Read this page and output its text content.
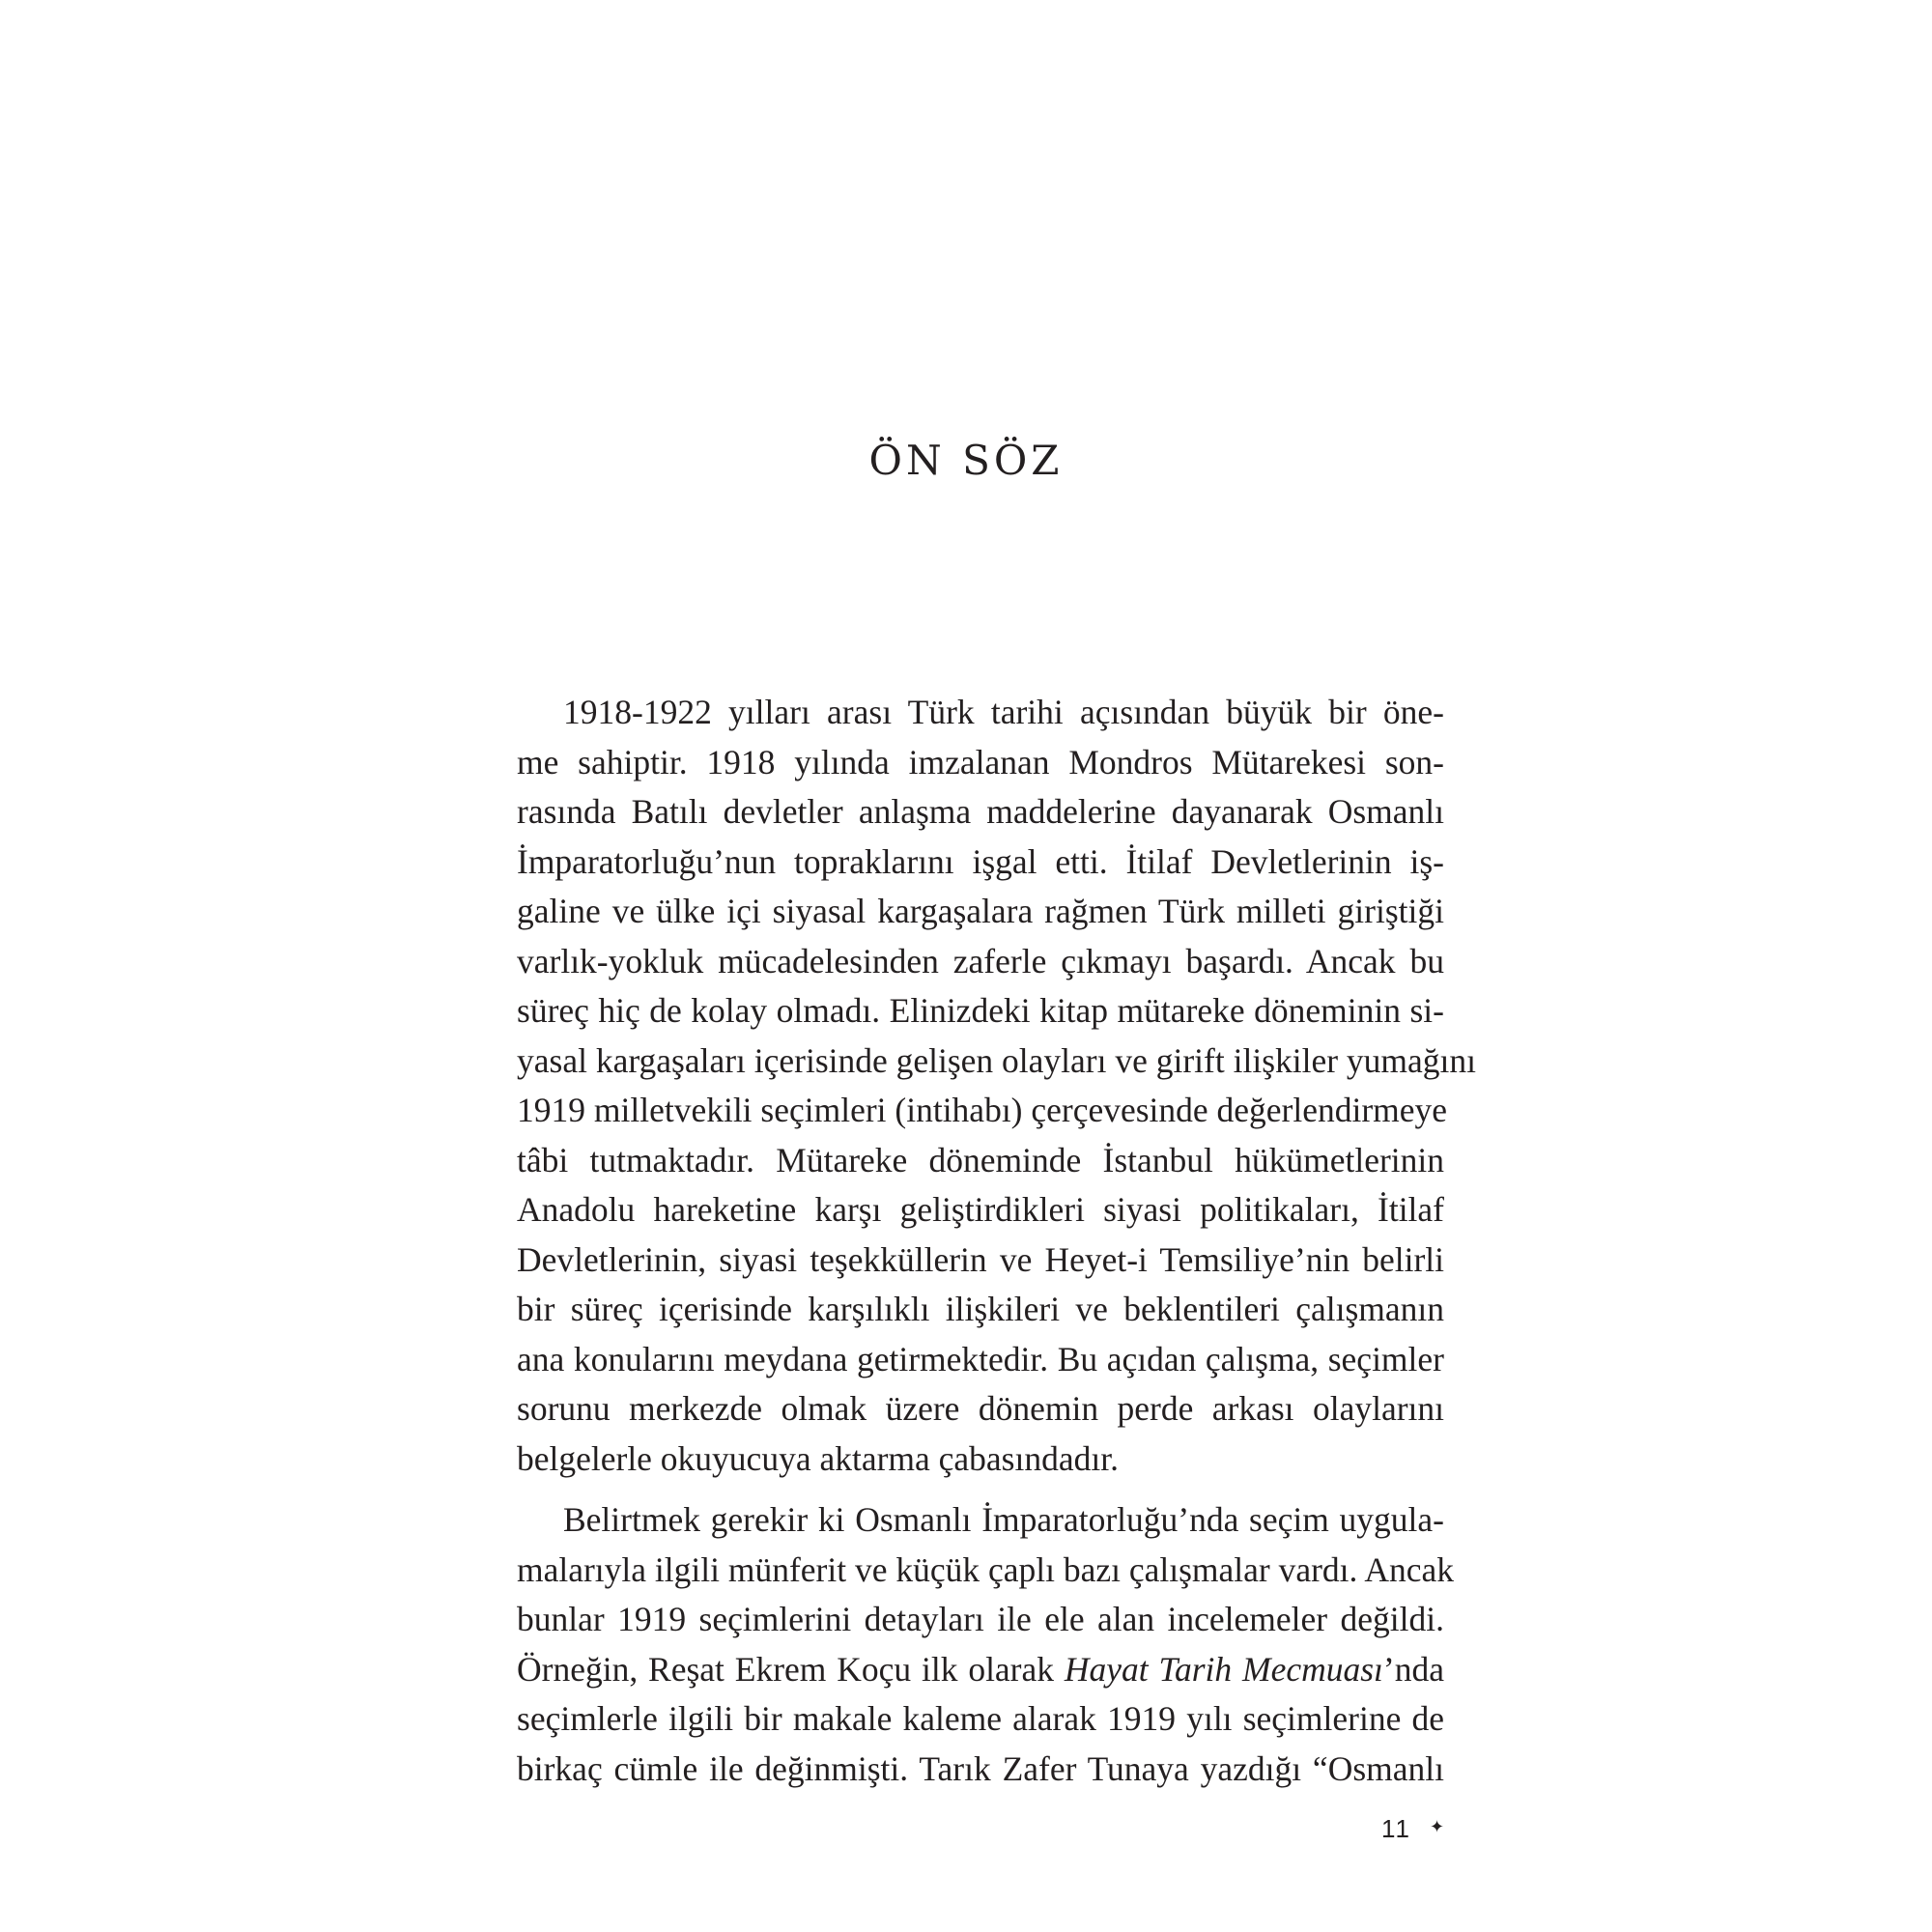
ÖN SÖZ
1918-1922 yılları arası Türk tarihi açısından büyük bir öne-
me sahiptir. 1918 yılında imzalanan Mondros Mütarekesi son-
rasında Batılı devletler anlaşma maddelerine dayanarak Osmanlı
İmparatorluğu’nun topraklarını işgal etti. İtilaf Devletlerinin iş-
galine ve ülke içi siyasal kargaşalara rağmen Türk milleti giriştiği
varlık-yokluk mücadelesinden zaferle çıkmayı başardı. Ancak bu
süreç hiç de kolay olmadı. Elinizdeki kitap mütareke döneminin si-
yasal kargaşaları içerisinde gelişen olayları ve girift ilişkiler yumağını
1919 milletvekili seçimleri (intihabı) çerçevesinde değerlendirmeye
tâbi tutmaktadır. Mütareke döneminde İstanbul hükümetlerinin
Anadolu hareketine karşı geliştirdikleri siyasi politikaları, İtilaf
Devletlerinin, siyasi teşekküllerin ve Heyet-i Temsiliye’nin belirli
bir süreç içerisinde karşılıklı ilişkileri ve beklentileri çalışmanın
ana konularını meydana getirmektedir. Bu açıdan çalışma, seçimler
sorunu merkezde olmak üzere dönemin perde arkası olaylarını
belgelerle okuyucuya aktarma çabasındadır.
Belirtmek gerekir ki Osmanlı İmparatorluğu’nda seçim uygula-
malarıyla ilgili münferit ve küçük çaplı bazı çalışmalar vardı. Ancak
bunlar 1919 seçimlerini detayları ile ele alan incelemeler değildi.
Örneğin, Reşat Ekrem Koçu ilk olarak Hayat Tarih Mecmuası’nda
seçimlerle ilgili bir makale kaleme alarak 1919 yılı seçimlerine de
birkaç cümle ile değinmişti. Tarık Zafer Tunaya yazdığı “Osmanlı
11 ✦
